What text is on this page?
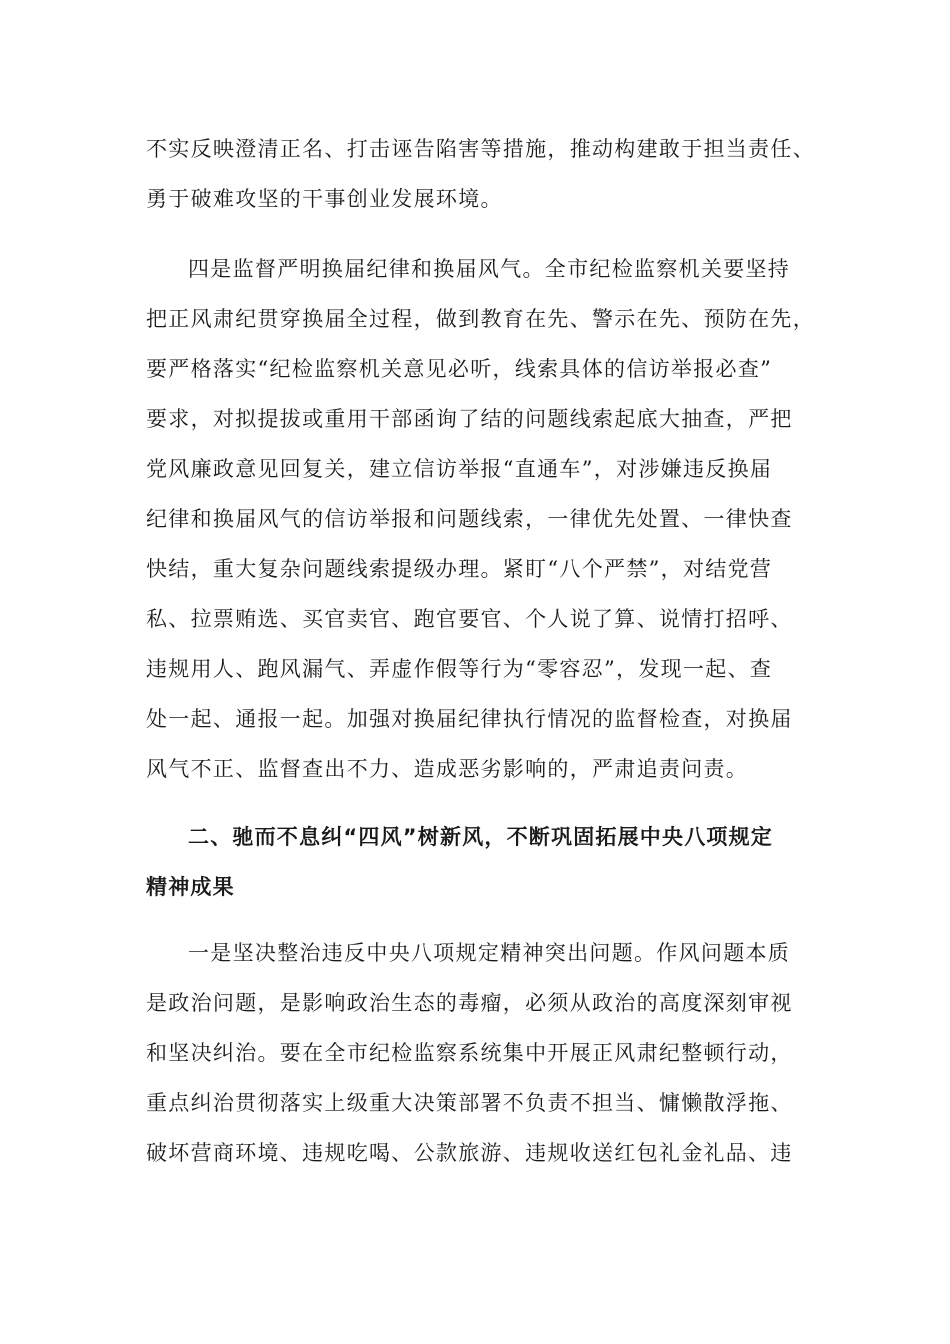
不实反映澄清正名、打击诬告陷害等措施，推动构建敢于担当责任、
勇于破难攻坚的干事创业发展环境。
四是监督严明换届纪律和换届风气。全市纪检监察机关要坚持
把正风肃纪贯穿换届全过程，做到教育在先、警示在先、预防在先，
要严格落实“纪检监察机关意见必听，线索具体的信访举报必查”
要求，对拟提拔或重用干部函询了结的问题线索起底大抽查，严把
党风廉政意见回复关，建立信访举报“直通车”，对涉嫌违反换届
纪律和换届风气的信访举报和问题线索，一律优先处置、一律快查
快结，重大复杂问题线索提级办理。紧盯“八个严禁”，对结党营
私、拉票贿选、买官卖官、跑官要官、个人说了算、说情打招呼、
违规用人、跑风漏气、弄虚作假等行为“零容忍”，发现一起、查
处一起、通报一起。加强对换届纪律执行情况的监督检查，对换届
风气不正、监督查出不力、造成恶劣影响的，严肃追责问责。
二、驰而不息纠“四风”树新风，不断巩固拓展中央八项规定
精神成果
一是坚决整治违反中央八项规定精神突出问题。作风问题本质
是政治问题，是影响政治生态的毒瘤，必须从政治的高度深刻审视
和坚决纠治。要在全市纪检监察系统集中开展正风肃纪整顿行动，
重点纠治贯彻落实上级重大决策部署不负责不担当、慵懒散浮拖、
破坏营商环境、违规吃喝、公款旅游、违规收送红包礼金礼品、违
